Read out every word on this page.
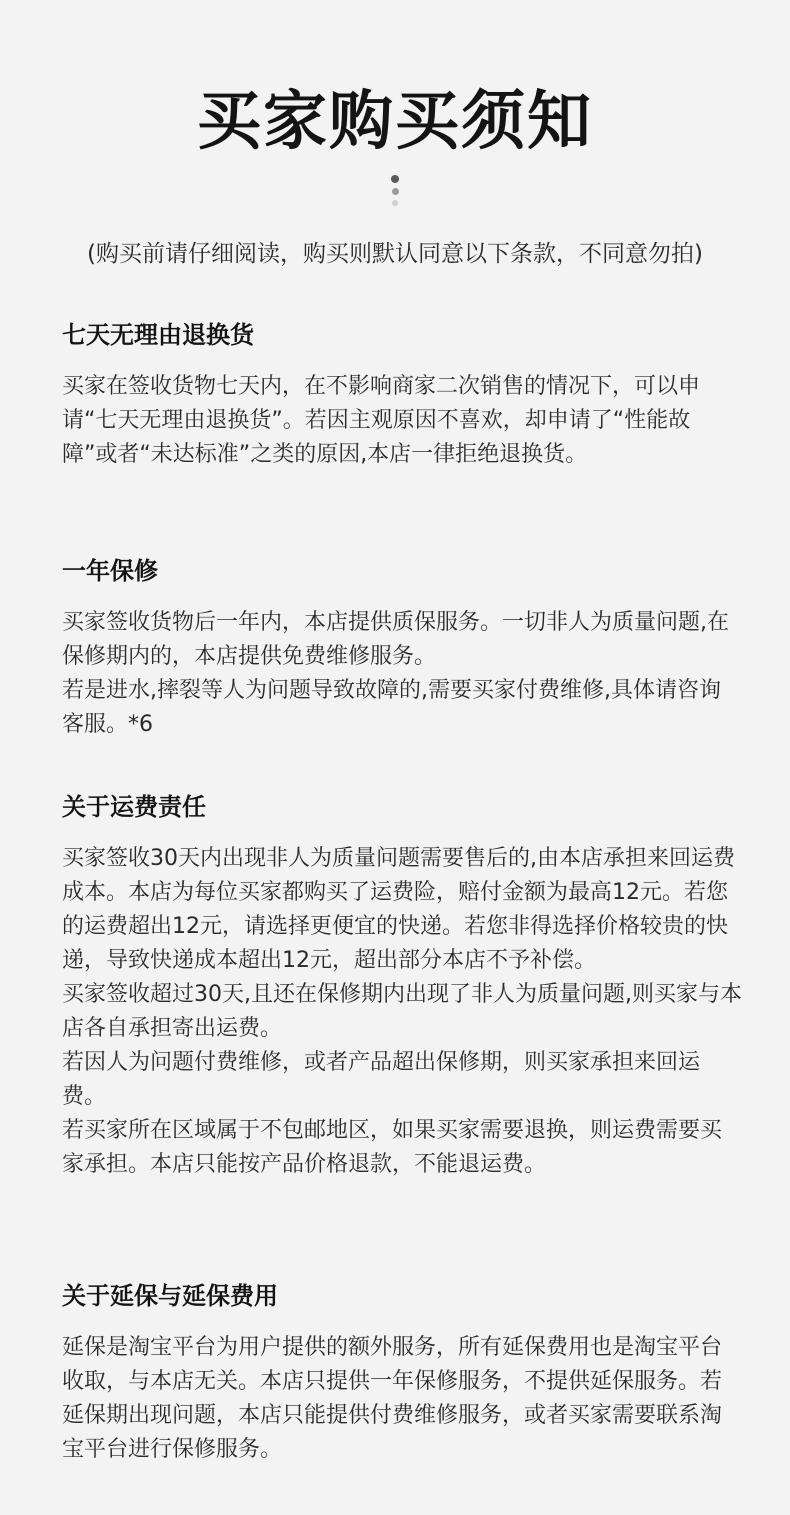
买家购买须知
(购买前请仔细阅读，购买则默认同意以下条款，不同意勿拍)
七天无理由退换货

买家在签收货物七天内，在不影响商家二次销售的情况下，可以申请“七天无理由退换货”。若因主观原因不喜欢，却申请了“性能故障”或者“未达标准”之类的原因,本店一律拒绝退换货。

一年保修

买家签收货物后一年内，本店提供质保服务。一切非人为质量问题,在保修期内的，本店提供免费维修服务。

若是进水,摔裂等人为问题导致故障的,需要买家付费维修,具体请咨询客服。*6

关于运费责任

买家签收30天内出现非人为质量问题需要售后的,由本店承担来回运费成本。本店为每位买家都购买了运费险，赔付金额为最高12元。若您的运费超出12元，请选择更便宜的快递。若您非得选择价格较贵的快递，导致快递成本超出12元，超出部分本店不予补偿。

买家签收超过30天,且还在保修期内出现了非人为质量问题,则买家与本店各自承担寄出运费。

若因人为问题付费维修，或者产品超出保修期，则买家承担来回运费。

若买家所在区域属于不包邮地区，如果买家需要退换，则运费需要买家承担。本店只能按产品价格退款，不能退运费。

关于延保与延保费用

延保是淘宝平台为用户提供的额外服务，所有延保费用也是淘宝平台收取，与本店无关。本店只提供一年保修服务，不提供延保服务。若延保期出现问题，本店只能提供付费维修服务，或者买家需要联系淘宝平台进行保修服务。
